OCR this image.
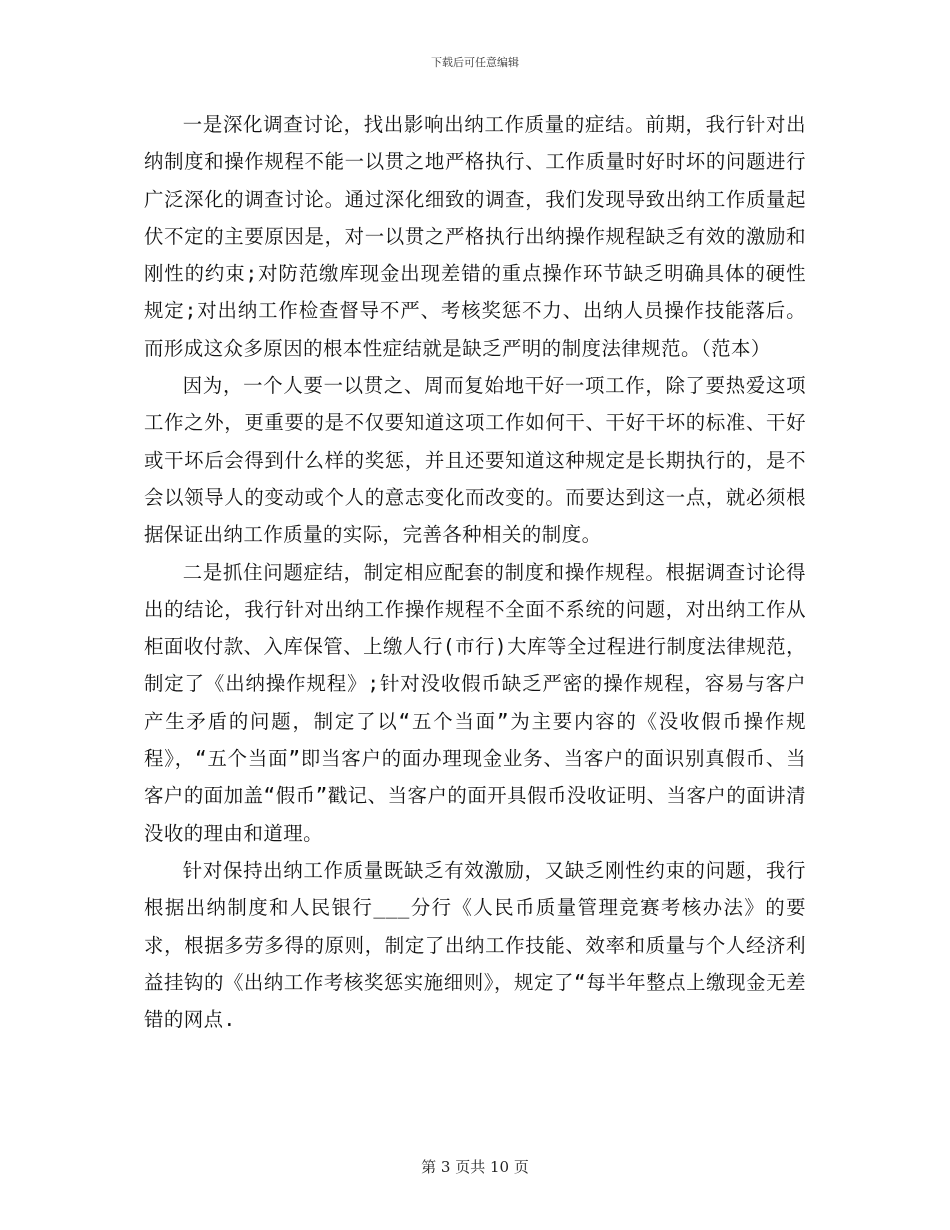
下载后可任意编辑

一是深化调查讨论，找出影响出纳工作质量的症结。前期，我行针对出纳制度和操作规程不能一以贯之地严格执行、工作质量时好时坏的问题进行广泛深化的调查讨论。通过深化细致的调查，我们发现导致出纳工作质量起伏不定的主要原因是，对一以贯之严格执行出纳操作规程缺乏有效的激励和刚性的约束;对防范缴库现金出现差错的重点操作环节缺乏明确具体的硬性规定;对出纳工作检查督导不严、考核奖惩不力、出纳人员操作技能落后。而形成这众多原因的根本性症结就是缺乏严明的制度法律规范。（范本）

因为，一个人要一以贯之、周而复始地干好一项工作，除了要热爱这项工作之外，更重要的是不仅要知道这项工作如何干、干好干坏的标准、干好或干坏后会得到什么样的奖惩，并且还要知道这种规定是长期执行的，是不会以领导人的变动或个人的意志变化而改变的。而要达到这一点，就必须根据保证出纳工作质量的实际，完善各种相关的制度。

二是抓住问题症结，制定相应配套的制度和操作规程。根据调查讨论得出的结论，我行针对出纳工作操作规程不全面不系统的问题，对出纳工作从柜面收付款、入库保管、上缴人行(市行)大库等全过程进行制度法律规范，制定了《出纳操作规程》;针对没收假币缺乏严密的操作规程，容易与客户产生矛盾的问题，制定了以“五个当面”为主要内容的《没收假币操作规程》，“五个当面”即当客户的面办理现金业务、当客户的面识别真假币、当客户的面加盖“假币”戳记、当客户的面开具假币没收证明、当客户的面讲清没收的理由和道理。

针对保持出纳工作质量既缺乏有效激励，又缺乏刚性约束的问题，我行根据出纳制度和人民银行___分行《人民币质量管理竞赛考核办法》的要求，根据多劳多得的原则，制定了出纳工作技能、效率和质量与个人经济利益挂钩的《出纳工作考核奖惩实施细则》，规定了“每半年整点上缴现金无差错的网点.

第 3 页共 10 页
